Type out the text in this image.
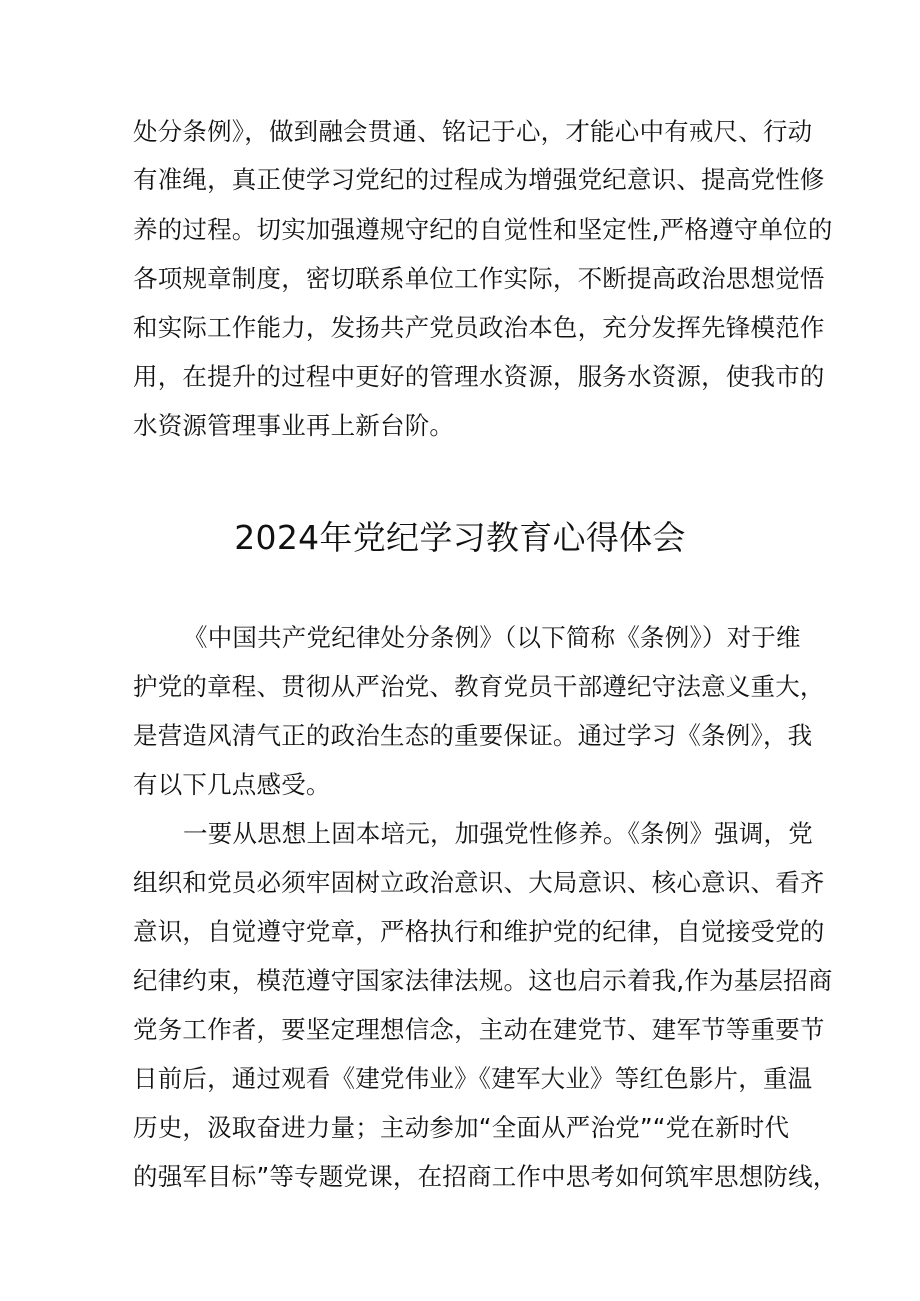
处分条例》，做到融会贯通、铭记于心，才能心中有戒尺、行动
有准绳，真正使学习党纪的过程成为增强党纪意识、提高党性修
养的过程。切实加强遵规守纪的自觉性和坚定性,严格遵守单位的
各项规章制度，密切联系单位工作实际，不断提高政治思想觉悟
和实际工作能力，发扬共产党员政治本色，充分发挥先锋模范作
用，在提升的过程中更好的管理水资源，服务水资源，使我市的
水资源管理事业再上新台阶。
2024年党纪学习教育心得体会
《中国共产党纪律处分条例》（以下简称《条例》）对于维
护党的章程、贯彻从严治党、教育党员干部遵纪守法意义重大，
是营造风清气正的政治生态的重要保证。通过学习《条例》，我
有以下几点感受。
一要从思想上固本培元，加强党性修养。《条例》强调，党
组织和党员必须牢固树立政治意识、大局意识、核心意识、看齐
意识，自觉遵守党章，严格执行和维护党的纪律，自觉接受党的
纪律约束，模范遵守国家法律法规。这也启示着我,作为基层招商
党务工作者，要坚定理想信念，主动在建党节、建军节等重要节
日前后，通过观看《建党伟业》《建军大业》等红色影片，重温
历史，汲取奋进力量；主动参加“全面从严治党”“党在新时代
的强军目标”等专题党课，在招商工作中思考如何筑牢思想防线，
